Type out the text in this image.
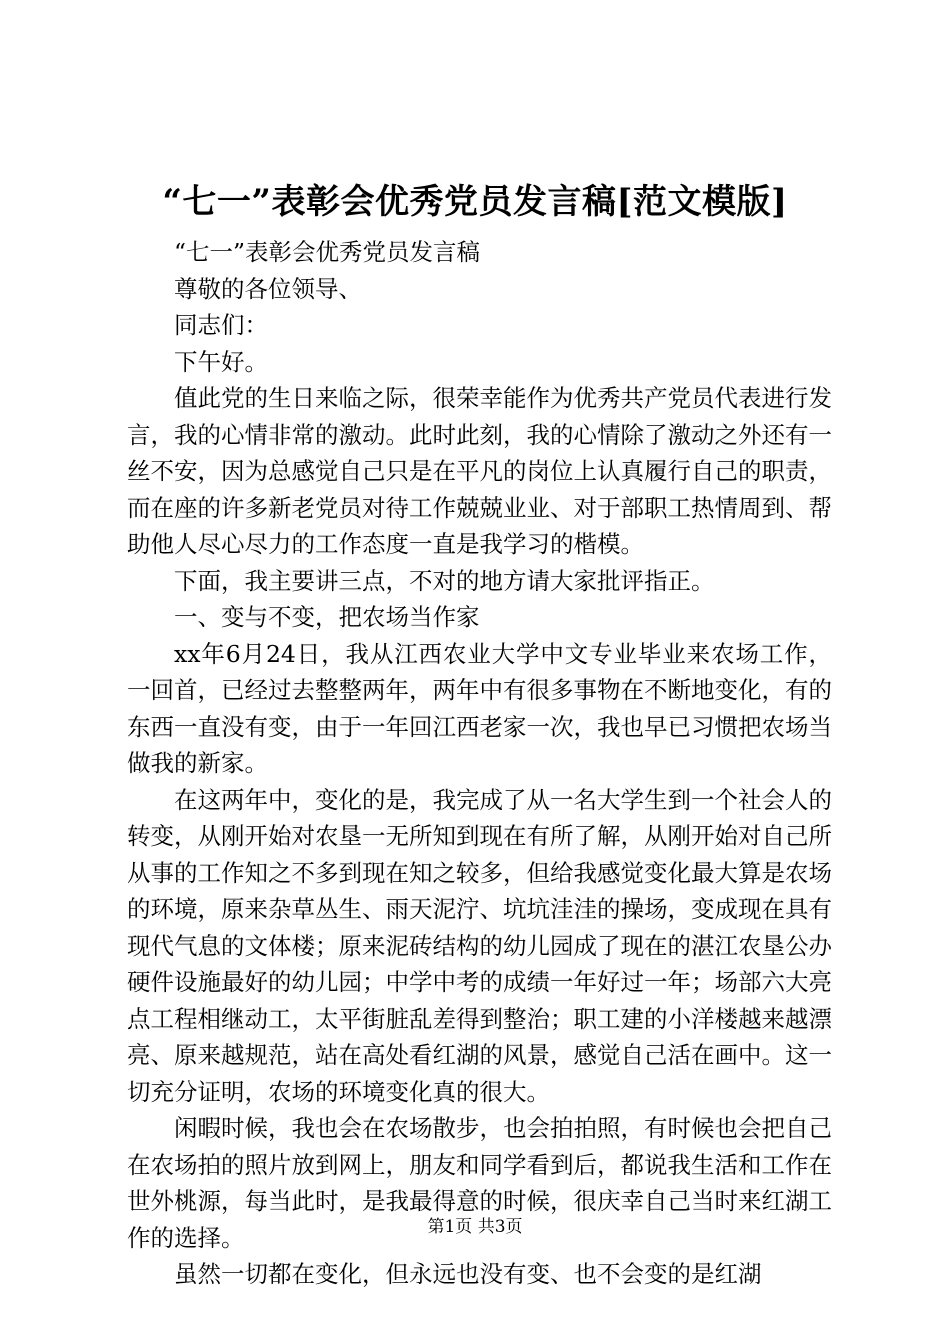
“七一”表彰会优秀党员发言稿[范文模版]

“七一”表彰会优秀党员发言稿

尊敬的各位领导、

同志们：

下午好。

值此党的生日来临之际，很荣幸能作为优秀共产党员代表进行发言，我的心情非常的激动。此时此刻，我的心情除了激动之外还有一丝不安，因为总感觉自己只是在平凡的岗位上认真履行自己的职责，而在座的许多新老党员对待工作兢兢业业、对于部职工热情周到、帮助他人尽心尽力的工作态度一直是我学习的楷模。

下面，我主要讲三点，不对的地方请大家批评指正。

一、变与不变，把农场当作家

xx年6月24日，我从江西农业大学中文专业毕业来农场工作，一回首，已经过去整整两年，两年中有很多事物在不断地变化，有的东西一直没有变，由于一年回江西老家一次，我也早已习惯把农场当做我的新家。

在这两年中，变化的是，我完成了从一名大学生到一个社会人的转变，从刚开始对农垦一无所知到现在有所了解，从刚开始对自己所从事的工作知之不多到现在知之较多，但给我感觉变化最大算是农场的环境，原来杂草丛生、雨天泥泞、坑坑洼洼的操场，变成现在具有现代气息的文体楼；原来泥砖结构的幼儿园成了现在的湛江农垦公办硬件设施最好的幼儿园；中学中考的成绩一年好过一年；场部六大亮点工程相继动工，太平街脏乱差得到整治；职工建的小洋楼越来越漂亮、原来越规范，站在高处看红湖的风景，感觉自己活在画中。这一切充分证明，农场的环境变化真的很大。

闲暇时候，我也会在农场散步，也会拍拍照，有时候也会把自己在农场拍的照片放到网上，朋友和同学看到后，都说我生活和工作在世外桃源，每当此时，是我最得意的时候，很庆幸自己当时来红湖工作的选择。

虽然一切都在变化，但永远也没有变、也不会变的是红湖

第1页 共3页
